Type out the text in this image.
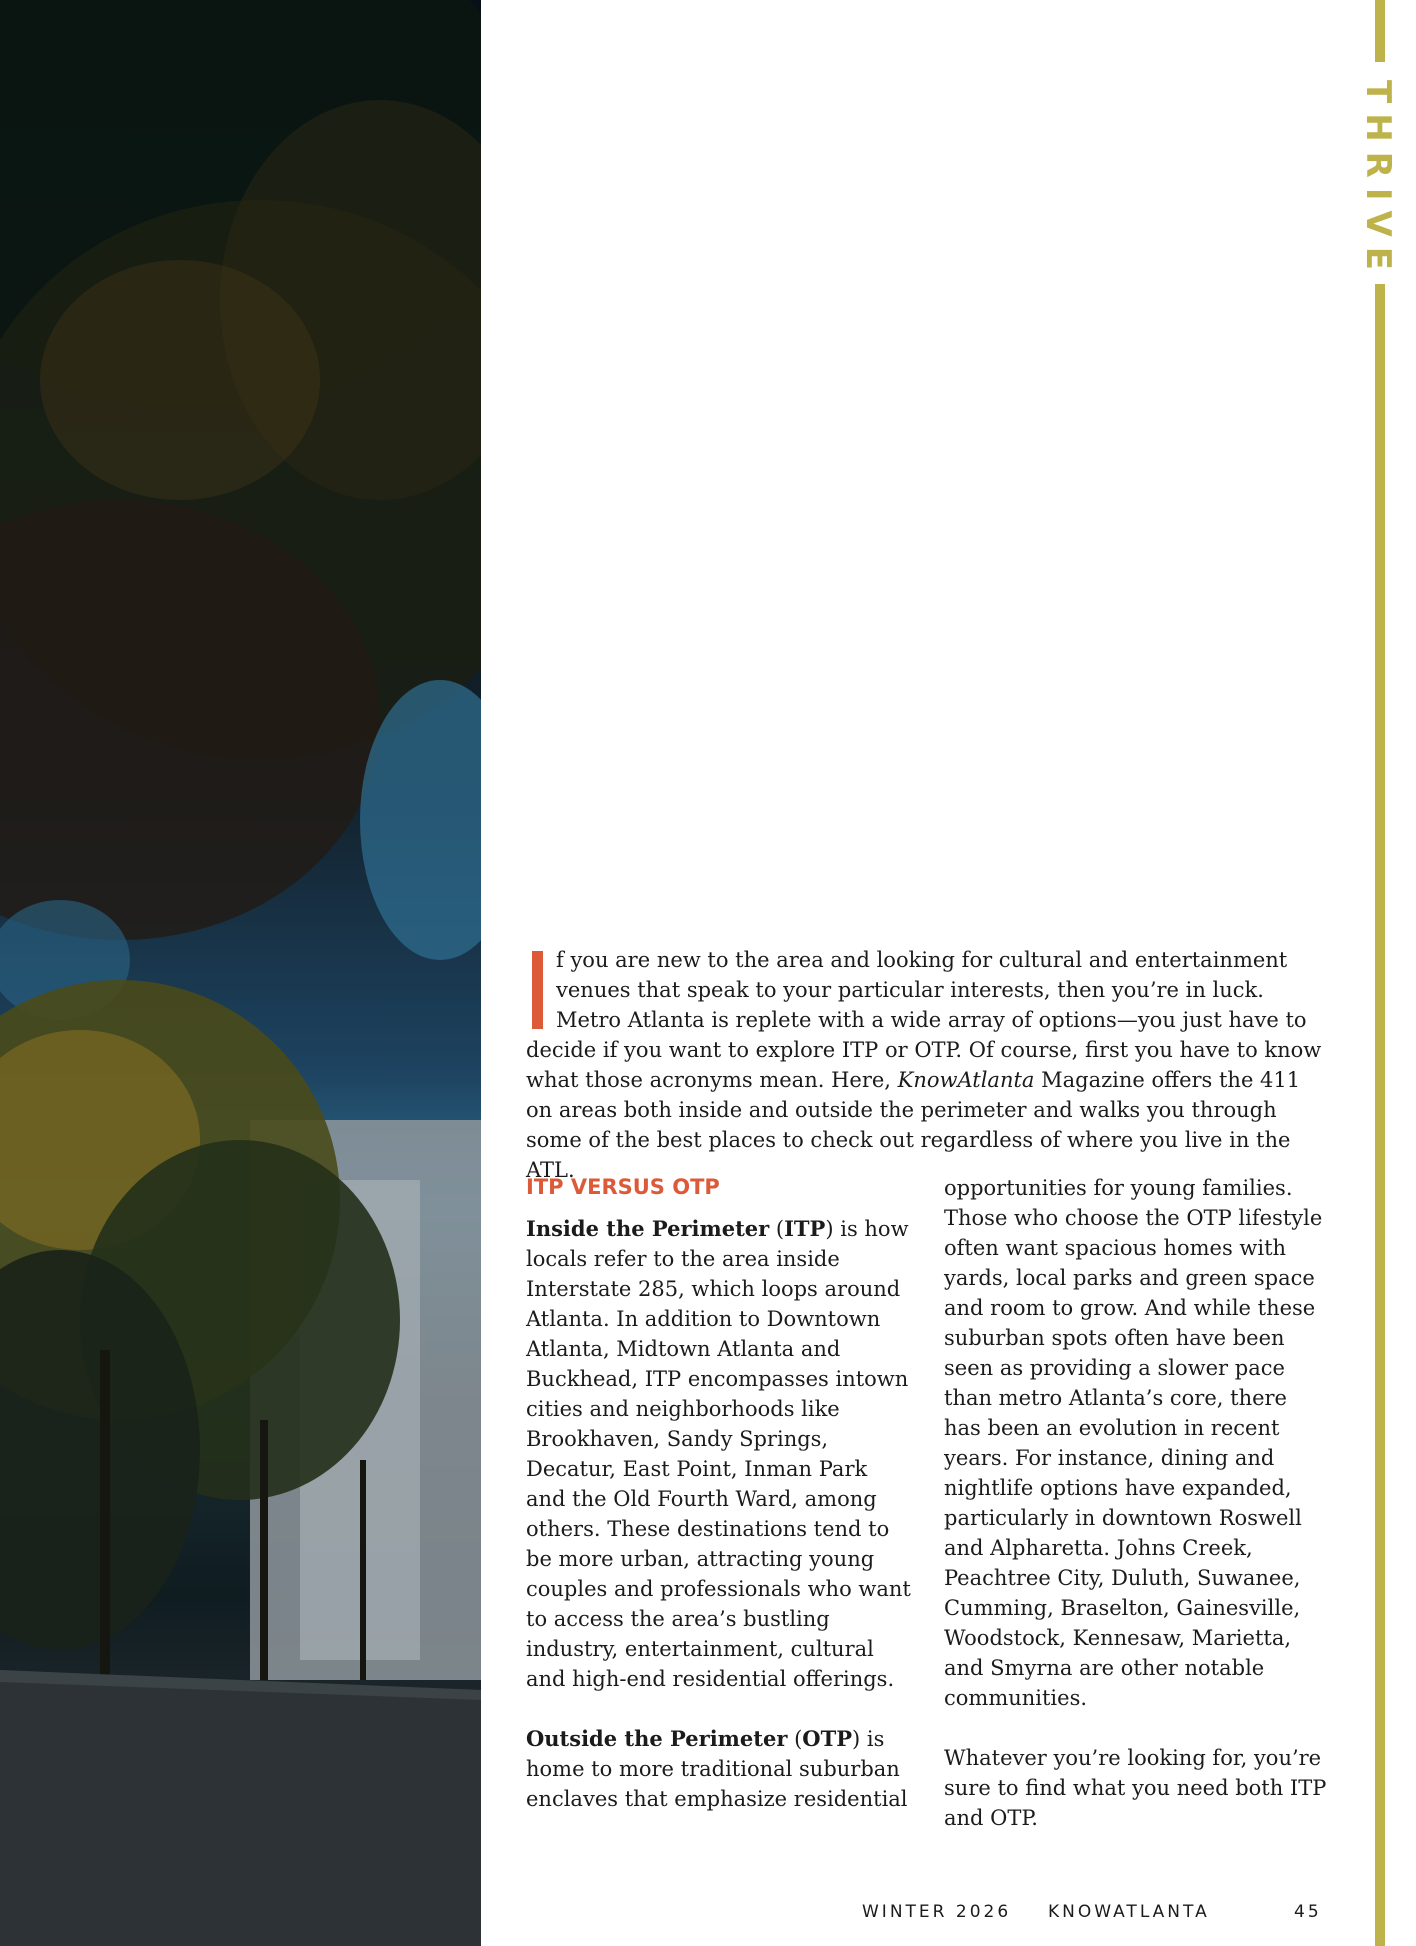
THRIVE

f you are new to the area and looking for cultural and entertainment venues that speak to your particular interests, then you’re in luck. Metro Atlanta is replete with a wide array of options—you just have to decide if you want to explore ITP or OTP. Of course, first you have to know what those acronyms mean. Here, KnowAtlanta Magazine offers the 411 on areas both inside and outside the perimeter and walks you through some of the best places to check out regardless of where you live in the ATL.

ITP VERSUS OTP

Inside the Perimeter (ITP) is how locals refer to the area inside Interstate 285, which loops around Atlanta. In addition to Downtown Atlanta, Midtown Atlanta and Buckhead, ITP encompasses intown cities and neighborhoods like Brookhaven, Sandy Springs, Decatur, East Point, Inman Park and the Old Fourth Ward, among others. These destinations tend to be more urban, attracting young couples and professionals who want to access the area’s bustling industry, entertainment, cultural and high-end residential offerings.

Outside the Perimeter (OTP) is home to more traditional suburban enclaves that emphasize residential

opportunities for young families. Those who choose the OTP lifestyle often want spacious homes with yards, local parks and green space and room to grow. And while these suburban spots often have been seen as providing a slower pace than metro Atlanta’s core, there has been an evolution in recent years. For instance, dining and nightlife options have expanded, particularly in downtown Roswell and Alpharetta. Johns Creek, Peachtree City, Duluth, Suwanee, Cumming, Braselton, Gainesville, Woodstock, Kennesaw, Marietta, and Smyrna are other notable communities.

Whatever you’re looking for, you’re sure to find what you need both ITP and OTP.

WINTER 2026 KNOWATLANTA	45
